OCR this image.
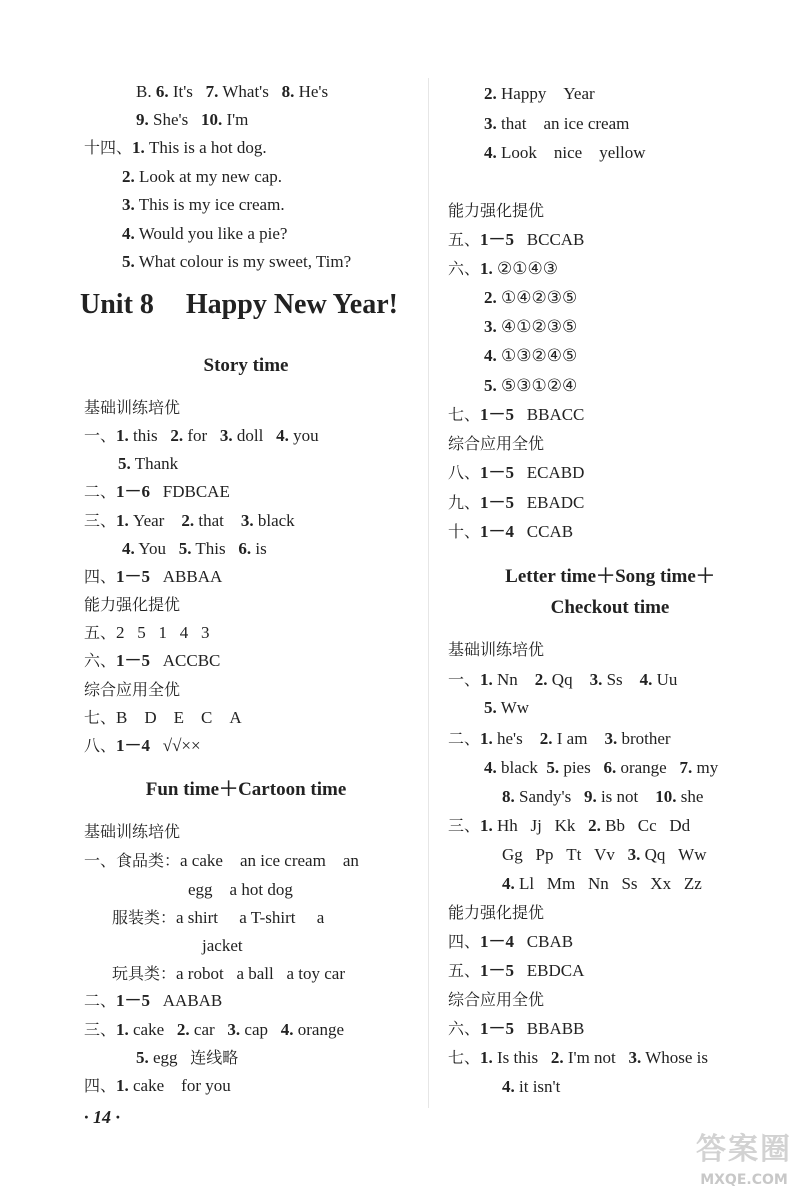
B. 6. It's   7. What's   8. He's
9. She's   10. I'm
十四、1. This is a hot dog.
2. Look at my new cap.
3. This is my ice cream.
4. Would you like a pie?
5. What colour is my sweet, Tim?
Unit 8 Happy New Year!
Story time
基础训练培优
一、1. this   2. for   3. doll   4. you
5. Thank
二、1－6   FDBCAE
三、1. Year    2. that    3. black
4. You   5. This   6. is
四、1－5   ABBAA
能力强化提优
五、2   5   1   4   3
六、1－5   ACCBC
综合应用全优
七、B    D    E    C    A
八、1－4   √√××
Fun time＋Cartoon time
基础训练培优
一、食品类：a cake    an ice cream    an
egg    a hot dog
服装类：a shirt     a T-shirt     a
jacket
玩具类：a robot   a ball   a toy car
二、1－5   AABAB
三、1. cake   2. car   3. cap   4. orange
5. egg   连线略
四、1. cake    for you
· 14 ·
2. Happy    Year
3. that    an ice cream
4. Look    nice    yellow
能力强化提优
五、1－5   BCCAB
六、1. ②①④③
2. ①④②③⑤
3. ④①②③⑤
4. ①③②④⑤
5. ⑤③①②④
七、1－5   BBACC
综合应用全优
八、1－5   ECABD
九、1－5   EBADC
十、1－4   CCAB
Letter time＋Song time＋
Checkout time
基础训练培优
一、1. Nn    2. Qq    3. Ss    4. Uu
5. Ww
二、1. he's    2. I am    3. brother
4. black  5. pies   6. orange   7. my
8. Sandy's   9. is not    10. she
三、1. Hh   Jj   Kk   2. Bb   Cc   Dd
Gg   Pp   Tt   Vv   3. Qq   Ww
4. Ll   Mm   Nn   Ss   Xx   Zz
能力强化提优
四、1－4   CBAB
五、1－5   EBDCA
综合应用全优
六、1－5   BBABB
七、1. Is this   2. I'm not   3. Whose is
4. it isn't
答案圈
MXQE.COM
